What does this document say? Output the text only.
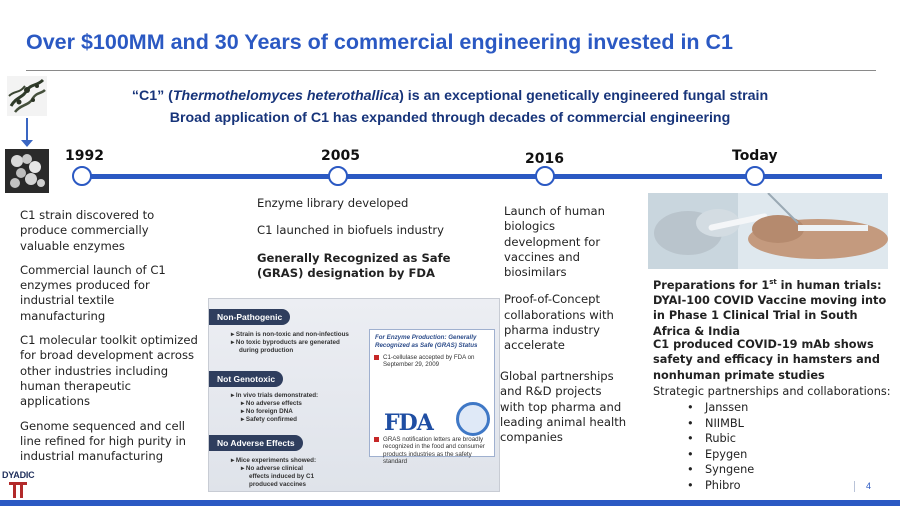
Over $100MM and 30 Years of commercial engineering invested in C1
“C1” (Thermothelomyces heterothallica) is an exceptional genetically engineered fungal strain
Broad application of C1 has expanded through decades of commercial engineering
1992	2005	2016	Today

C1 strain discovered to produce commercially valuable enzymes

Commercial launch of C1 enzymes produced for industrial textile manufacturing

C1 molecular toolkit optimized for broad development across other industries including human therapeutic applications

Genome sequenced and cell line refined for high purity in industrial manufacturing

Enzyme library developed

C1 launched in biofuels industry

Generally Recognized as Safe (GRAS) designation by FDA

Non-Pathogenic
▸ Strain is non-toxic and non-infectious
▸ No toxic byproducts are generated
during production
Not Genotoxic
▸ In vivo trials demonstrated:
▸ No adverse effects
▸ No foreign DNA
▸ Safety confirmed
No Adverse Effects
▸ Mice experiments showed:
▸ No adverse clinical
effects induced by C1
produced vaccines
For Enzyme Production: Generally Recognized as Safe (GRAS) Status
C1-cellulase accepted by FDA on September 29, 2009
FDA
GRAS notification letters are broadly recognized in the food and consumer products industries as the safety standard

Launch of human biologics development for vaccines and biosimilars

Proof-of-Concept collaborations with pharma industry accelerate

Global partnerships and R&D projects with top pharma and leading animal health companies
Preparations for 1st in human trials: DYAI-100 COVID Vaccine moving into in Phase 1 Clinical Trial in South Africa & India
C1 produced COVID-19 mAb shows safety and efficacy in hamsters and nonhuman primate studies
Strategic partnerships and collaborations:
• Janssen
• NIIMBL
• Rubic
• Epygen
• Syngene
• Phibro
DYADIC
4
